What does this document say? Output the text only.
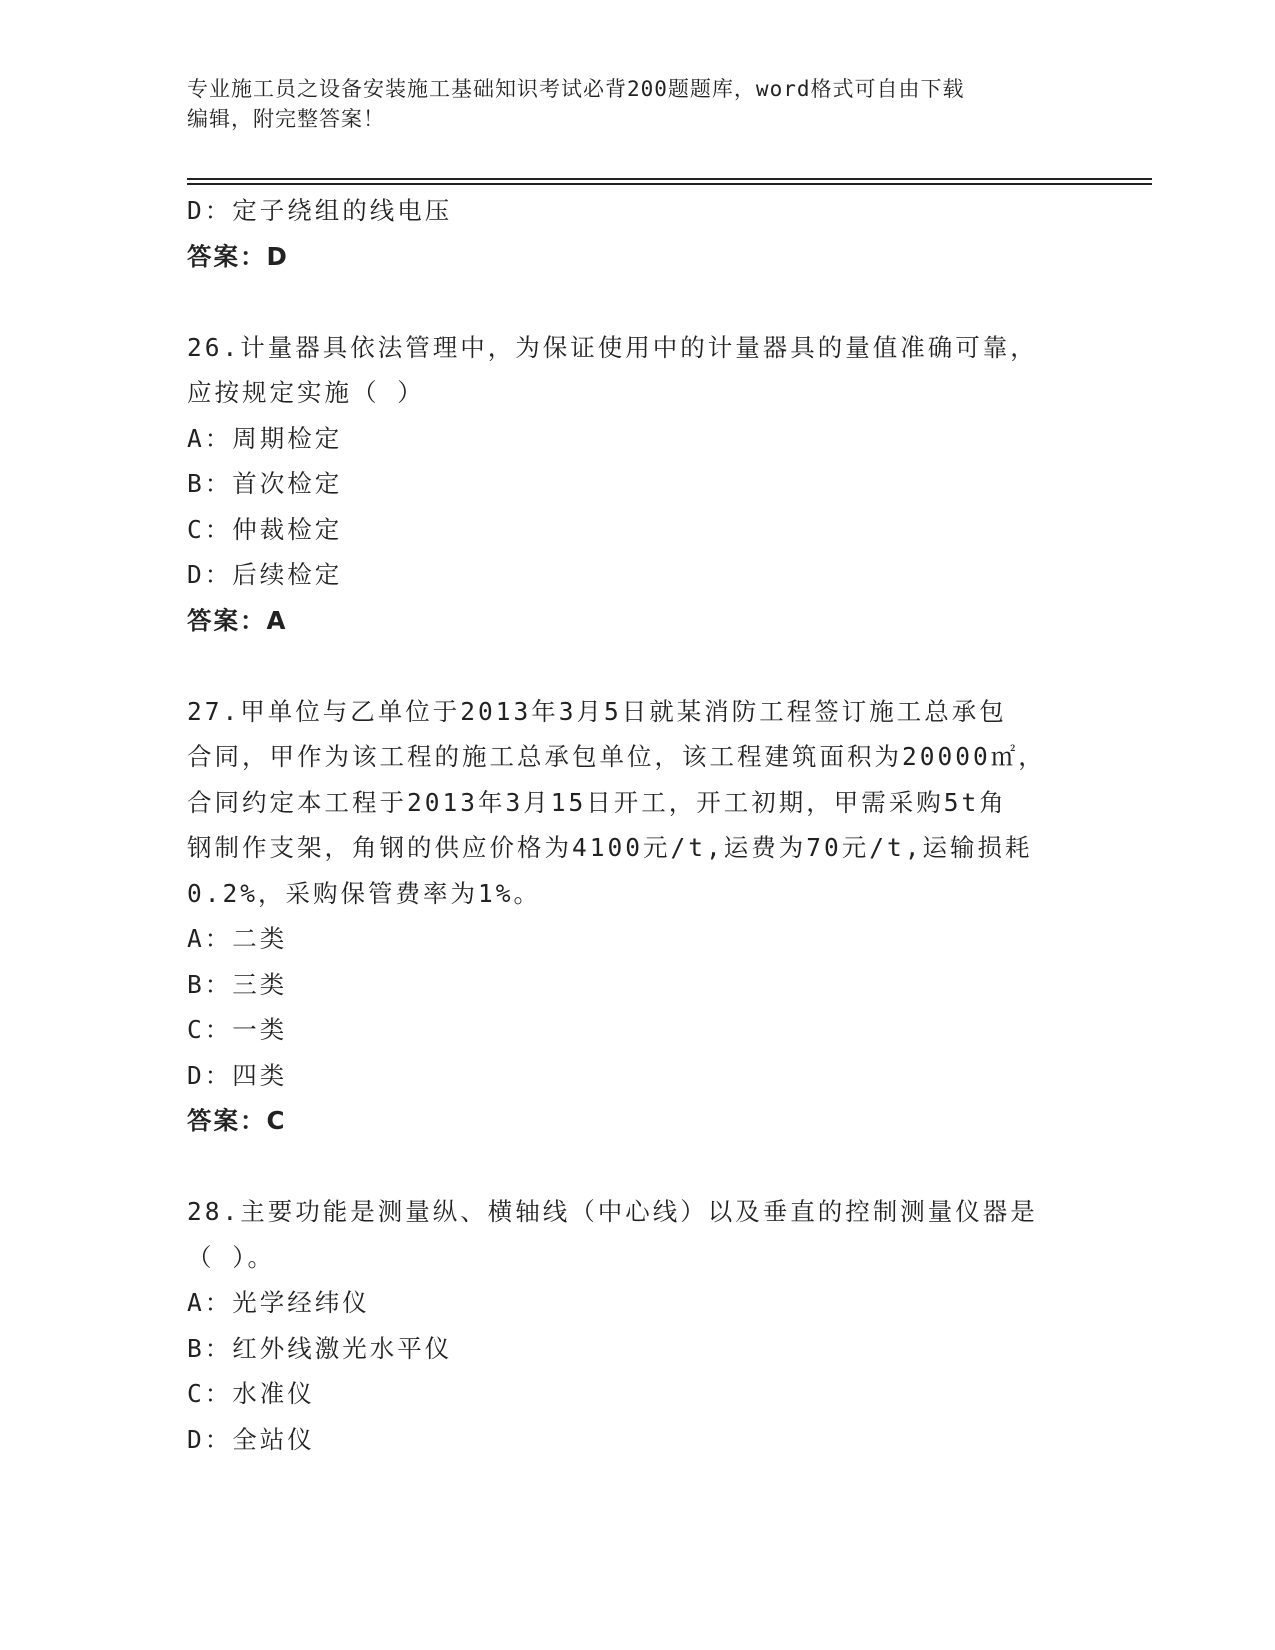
专业施工员之设备安装施工基础知识考试必背200题题库，word格式可自由下载
编辑，附完整答案！
D：定子绕组的线电压
答案：D
26.计量器具依法管理中，为保证使用中的计量器具的量值准确可靠，
应按规定实施（ ）
A：周期检定
B：首次检定
C：仲裁检定
D：后续检定
答案：A
27.甲单位与乙单位于2013年3月5日就某消防工程签订施工总承包
合同，甲作为该工程的施工总承包单位，该工程建筑面积为20000㎡，
合同约定本工程于2013年3月15日开工，开工初期，甲需采购5t角
钢制作支架，角钢的供应价格为4100元/t,运费为70元/t,运输损耗
0.2%，采购保管费率为1%。
A：二类
B：三类
C：一类
D：四类
答案：C
28.主要功能是测量纵、横轴线（中心线）以及垂直的控制测量仪器是
（ ）。
A：光学经纬仪
B：红外线激光水平仪
C：水准仪
D：全站仪
